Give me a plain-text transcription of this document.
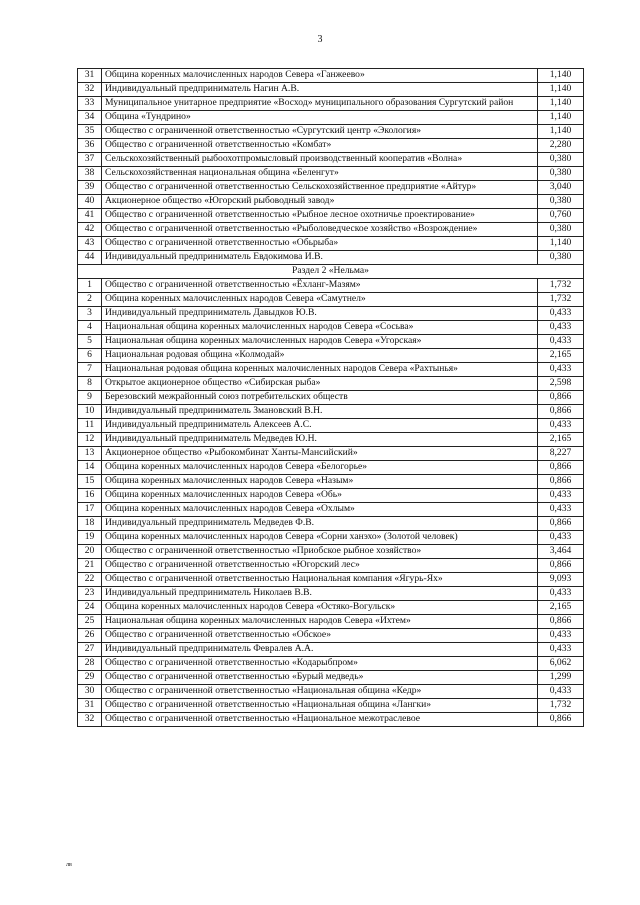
3
31	Община коренных малочисленных народов Севера «Ганжеево»	1,140
32	Индивидуальный предприниматель Нагин А.В.	1,140
33	Муниципальное унитарное предприятие «Восход» муниципального образования Сургутский район	1,140
34	Община «Тундрино»	1,140
35	Общество с ограниченной ответственностью «Сургутский центр «Экология»	1,140
36	Общество с ограниченной ответственностью «Комбат»	2,280
37	Сельскохозяйственный рыбоохотпромысловый производственный кооператив «Волна»	0,380
38	Сельскохозяйственная национальная община «Беленгут»	0,380
39	Общество с ограниченной ответственностью Сельскохозяйственное предприятие «Айтур»	3,040
40	Акционерное общество «Югорский рыбоводный завод»	0,380
41	Общество с ограниченной ответственностью «Рыбное лесное охотничье проектирование»	0,760
42	Общество с ограниченной ответственностью «Рыболоведческое хозяйство «Возрождение»	0,380
43	Общество с ограниченной ответственностью «Обьрыба»	1,140
44	Индивидуальный предприниматель Евдокимова И.В.	0,380
Раздел 2 «Нельма»		
1	Общество с ограниченной ответственностью «Ёхланг-Мазям»	1,732
2	Община коренных малочисленных народов Севера «Самутнел»	1,732
3	Индивидуальный предприниматель Давыдков Ю.В.	0,433
4	Национальная община коренных малочисленных народов Севера «Сосьва»	0,433
5	Национальная община коренных малочисленных народов Севера «Угорская»	0,433
6	Национальная родовая община «Колмодай»	2,165
7	Национальная родовая община коренных малочисленных народов Севера «Рахтынья»	0,433
8	Открытое акционерное общество «Сибирская рыба»	2,598
9	Березовский межрайонный союз потребительских обществ	0,866
10	Индивидуальный предприниматель Змановский В.Н.	0,866
11	Индивидуальный предприниматель Алексеев А.С.	0,433
12	Индивидуальный предприниматель Медведев Ю.Н.	2,165
13	Акционерное общество «Рыбокомбинат Ханты-Мансийский»	8,227
14	Община коренных малочисленных народов Севера «Белогорье»	0,866
15	Община коренных малочисленных народов Севера «Назым»	0,866
16	Община коренных малочисленных народов Севера «Обь»	0,433
17	Община коренных малочисленных народов Севера «Охлым»	0,433
18	Индивидуальный предприниматель Медведев Ф.В.	0,866
19	Община коренных малочисленных народов Севера «Сорни ханэхо» (Золотой человек)	0,433
20	Общество с ограниченной ответственностью «Приобское рыбное хозяйство»	3,464
21	Общество с ограниченной ответственностью «Югорский лес»	0,866
22	Общество с ограниченной ответственностью Национальная компания «Ягурь-Ях»	9,093
23	Индивидуальный предприниматель Николаев В.В.	0,433
24	Община коренных малочисленных народов Севера «Остяко-Вогульск»	2,165
25	Национальная община коренных малочисленных народов Севера «Ихтем»	0,866
26	Общество с ограниченной ответственностью «Обское»	0,433
27	Индивидуальный предприниматель Февралев А.А.	0,433
28	Общество с ограниченной ответственностью «Кодарыбпром»	6,062
29	Общество с ограниченной ответственностью «Бурый медведь»	1,299
30	Общество с ограниченной ответственностью «Национальная община «Кедр»	0,433
31	Общество с ограниченной ответственностью «Национальная община «Лангки»	1,732
32	Общество с ограниченной ответственностью «Национальное межотраслевое	0,866
лв
